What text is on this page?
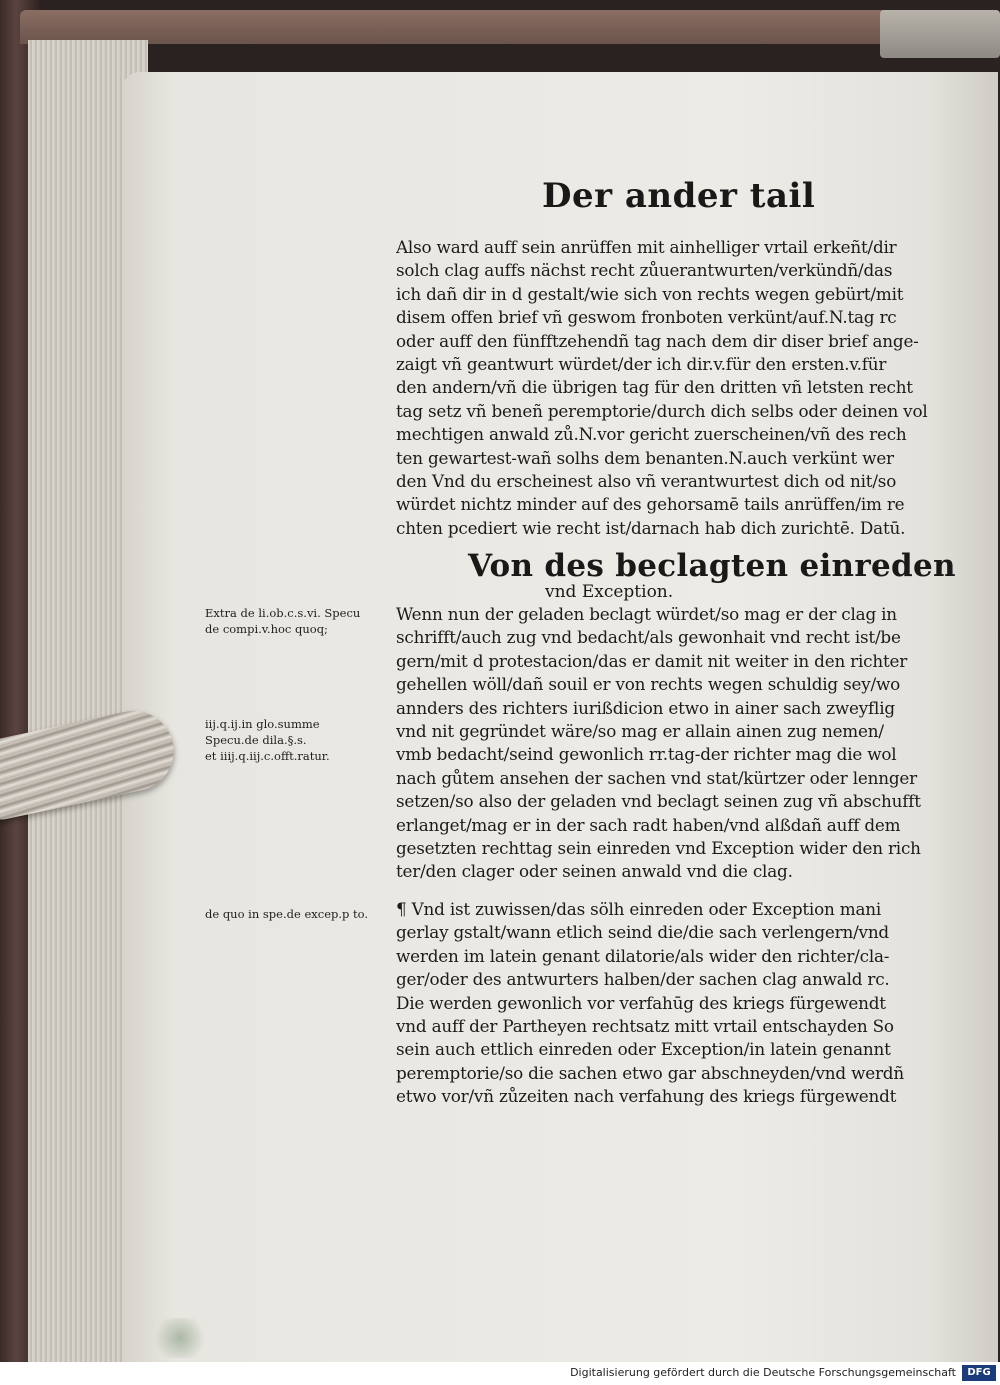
Der ander tail
Also ward auff sein anrüffen mit ainhelliger vrtail erkeñt/dir
solch clag auffs nächst recht zůuerantwurten/verkündñ/das
ich dañ dir in d gestalt/wie sich von rechts wegen gebürt/mit
disem offen brief vñ geswom fronboten verkünt/auf.N.tag rc
oder auff den fünfftzehendñ tag nach dem dir diser brief ange-
zaigt vñ geantwurt würdet/der ich dir.v.für den ersten.v.für
den andern/vñ die übrigen tag für den dritten vñ letsten recht
tag setz vñ beneñ peremptorie/durch dich selbs oder deinen vol
mechtigen anwald zů.N.vor gericht zuerscheinen/vñ des rech
ten gewartest-wañ solhs dem benanten.N.auch verkünt wer
den Vnd du erscheinest also vñ verantwurtest dich od nit/so
würdet nichtz minder auf des gehorsamē tails anrüffen/im re
chten pcediert wie recht ist/darnach hab dich zurichtē. Datū.
Von des beclagten einreden
vnd Exception.
Wenn nun der geladen beclagt würdet/so mag er der clag in
schrifft/auch zug vnd bedacht/als gewonhait vnd recht ist/be
gern/mit d protestacion/das er damit nit weiter in den richter
gehellen wöll/dañ souil er von rechts wegen schuldig sey/wo
annders des richters iurißdicion etwo in ainer sach zweyflig
vnd nit gegründet wäre/so mag er allain ainen zug nemen/
vmb bedacht/seind gewonlich rr.tag-der richter mag die wol
nach gůtem ansehen der sachen vnd stat/kürtzer oder lennger
setzen/so also der geladen vnd beclagt seinen zug vñ abschufft
erlanget/mag er in der sach radt haben/vnd alßdañ auff dem
gesetzten rechttag sein einreden vnd Exception wider den rich
ter/den clager oder seinen anwald vnd die clag.
¶ Vnd ist zuwissen/das sölh einreden oder Exception mani
gerlay gstalt/wann etlich seind die/die sach verlengern/vnd
werden im latein genant dilatorie/als wider den richter/cla-
ger/oder des antwurters halben/der sachen clag anwald rc.
Die werden gewonlich vor verfahūg des kriegs fürgewendt
vnd auff der Partheyen rechtsatz mitt vrtail entschayden So
sein auch ettlich einreden oder Exception/in latein genannt
peremptorie/so die sachen etwo gar abschneyden/vnd werdñ
etwo vor/vñ zůzeiten nach verfahung des kriegs fürgewendt
Extra de li.ob.c.s.vi. Specu
de compi.v.hoc quoq;
iij.q.ij.in glo.summe
Specu.de dila.§.s.
et iiij.q.iij.c.offt.ratur.
de quo in spe.de excep.p to.
Digitalisierung gefördert durch die Deutsche Forschungsgemeinschaft	DFG
